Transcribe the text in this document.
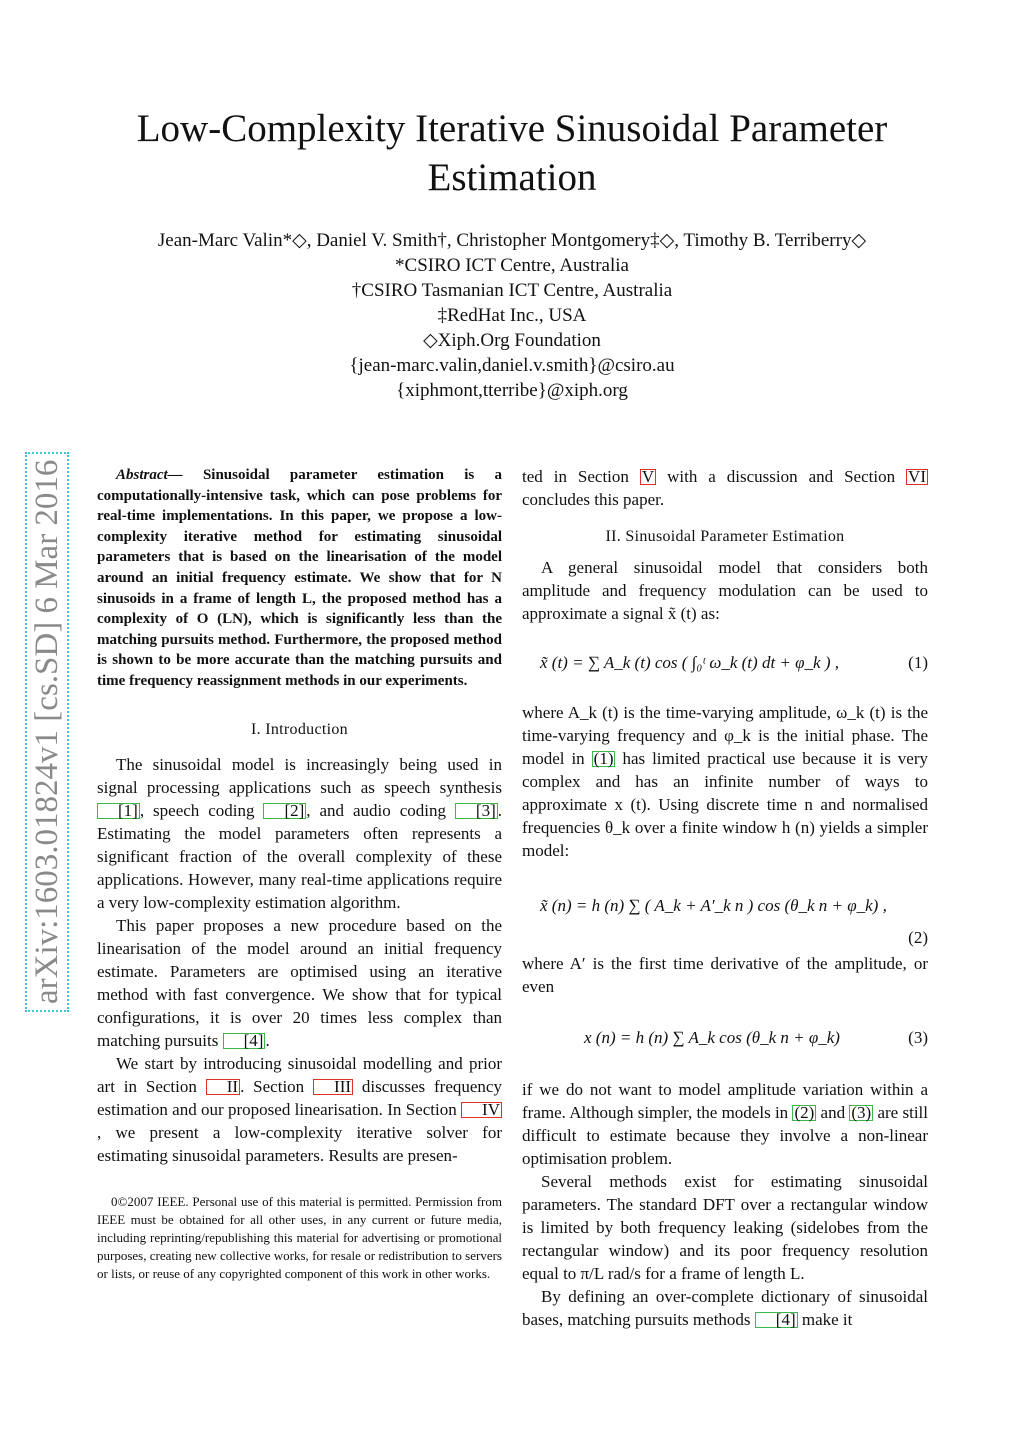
Low-Complexity Iterative Sinusoidal Parameter
Estimation
Jean-Marc Valin*◇, Daniel V. Smith†, Christopher Montgomery‡◇, Timothy B. Terriberry◇
*CSIRO ICT Centre, Australia
†CSIRO Tasmanian ICT Centre, Australia
‡RedHat Inc., USA
◇Xiph.Org Foundation
{jean-marc.valin,daniel.v.smith}@csiro.au
{xiphmont,tterribe}@xiph.org
arXiv:1603.01824v1 [cs.SD] 6 Mar 2016	Abstract— Sinusoidal parameter estimation is a computationally-intensive task, which can pose problems for real-time implementations. In this paper, we propose a low-complexity iterative method for estimating sinusoidal parameters that is based on the linearisation of the model around an initial frequency estimate. We show that for N sinusoids in a frame of length L, the proposed method has a complexity of O (LN), which is significantly less than the matching pursuits method. Furthermore, the proposed method is shown to be more accurate than the matching pursuits and time frequency reassignment methods in our experiments.

I. Introduction

The sinusoidal model is increasingly being used in signal processing applications such as speech synthesis [1] , speech coding [2] , and audio coding [3] . Estimating the model parameters often represents a significant fraction of the overall complexity of these applications. However, many real-time applications require a very low-complexity estimation algorithm.

This paper proposes a new procedure based on the linearisation of the model around an initial frequency estimate. Parameters are optimised using an iterative method with fast convergence. We show that for typical configurations, it is over 20 times less complex than matching pursuits [4] .

We start by introducing sinusoidal modelling and prior art in Section II . Section III discusses frequency estimation and our proposed linearisation. In Section IV, we present a low-complexity iterative solver for estimating sinusoidal parameters. Results are presen-

0©2007 IEEE. Personal use of this material is permitted. Permission from IEEE must be obtained for all other uses, in any current or future media, including reprinting/republishing this material for advertising or promotional purposes, creating new collective works, for resale or redistribution to servers or lists, or reuse of any copyrighted component of this work in other works.

ted in Section V with a discussion and Section VI concludes this paper.

II. Sinusoidal Parameter Estimation

A general sinusoidal model that considers both amplitude and frequency modulation can be used to approximate a signal x̃ (t) as:

x̃ (t) = ∑ A_k (t) cos ( ∫₀ᵗ ω_k (t) dt + φ_k ) ,	(1)

where A_k (t) is the time-varying amplitude, ω_k (t) is the time-varying frequency and φ_k is the initial phase. The model in (1) has limited practical use because it is very complex and has an infinite number of ways to approximate x (t). Using discrete time n and normalised frequencies θ_k over a finite window h (n) yields a simpler model:

x̃ (n) = h (n) ∑ ( A_k + A′_k n ) cos (θ_k n + φ_k) ,
(2)

where A′ is the first time derivative of the amplitude, or even

x (n) = h (n) ∑ A_k cos (θ_k n + φ_k)	(3)

if we do not want to model amplitude variation within a frame. Although simpler, the models in (2) and (3) are still difficult to estimate because they involve a non-linear optimisation problem.

Several methods exist for estimating sinusoidal parameters. The standard DFT over a rectangular window is limited by both frequency leaking (sidelobes from the rectangular window) and its poor frequency resolution equal to π/L rad/s for a frame of length L.

By defining an over-complete dictionary of sinusoidal bases, matching pursuits methods [4] make it
